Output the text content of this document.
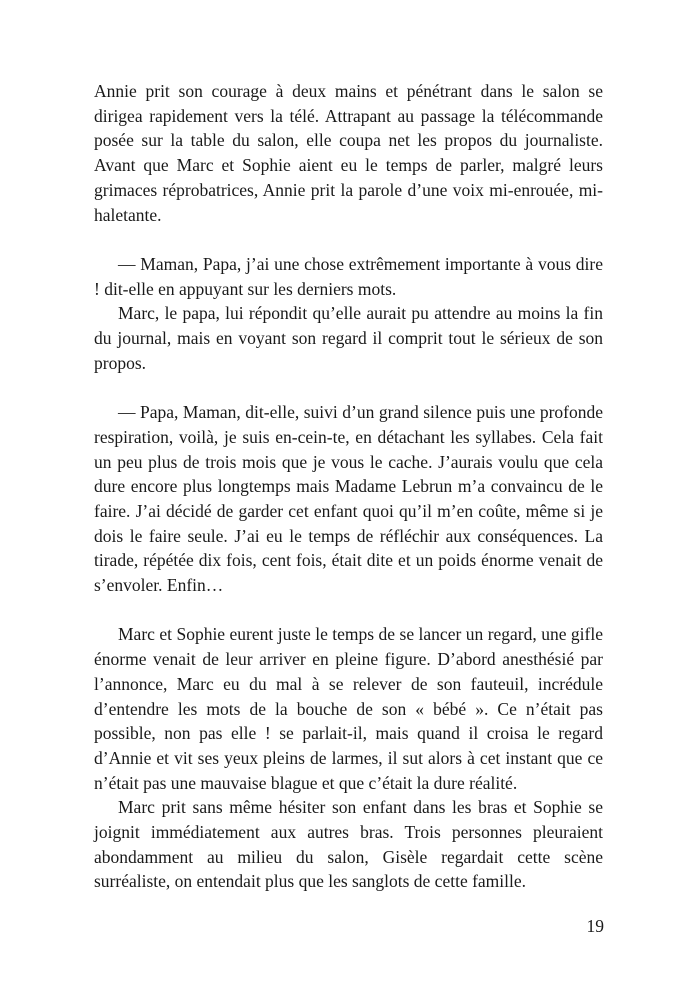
Annie prit son courage à deux mains et pénétrant dans le salon se dirigea rapidement vers la télé. Attrapant au passage la télécommande posée sur la table du salon, elle coupa net les propos du journaliste. Avant que Marc et Sophie aient eu le temps de parler, malgré leurs grimaces réprobatrices, Annie prit la parole d’une voix mi-enrouée, mi-haletante.

— Maman, Papa, j’ai une chose extrêmement importante à vous dire ! dit-elle en appuyant sur les derniers mots.

Marc, le papa, lui répondit qu’elle aurait pu attendre au moins la fin du journal, mais en voyant son regard il comprit tout le sérieux de son propos.

— Papa, Maman, dit-elle, suivi d’un grand silence puis une profonde respiration, voilà, je suis en-cein-te, en détachant les syllabes. Cela fait un peu plus de trois mois que je vous le cache. J’aurais voulu que cela dure encore plus longtemps mais Madame Lebrun m’a convaincu de le faire. J’ai décidé de garder cet enfant quoi qu’il m’en coûte, même si je dois le faire seule. J’ai eu le temps de réfléchir aux conséquences. La tirade, répétée dix fois, cent fois, était dite et un poids énorme venait de s’envoler. Enfin…

Marc et Sophie eurent juste le temps de se lancer un regard, une gifle énorme venait de leur arriver en pleine figure. D’abord anesthésié par l’annonce, Marc eu du mal à se relever de son fauteuil, incrédule d’entendre les mots de la bouche de son « bébé ». Ce n’était pas possible, non pas elle ! se parlait-il, mais quand il croisa le regard d’Annie et vit ses yeux pleins de larmes, il sut alors à cet instant que ce n’était pas une mauvaise blague et que c’était la dure réalité.

Marc prit sans même hésiter son enfant dans les bras et Sophie se joignit immédiatement aux autres bras. Trois personnes pleuraient abondamment au milieu du salon, Gisèle regardait cette scène surréaliste, on entendait plus que les sanglots de cette famille.

19
